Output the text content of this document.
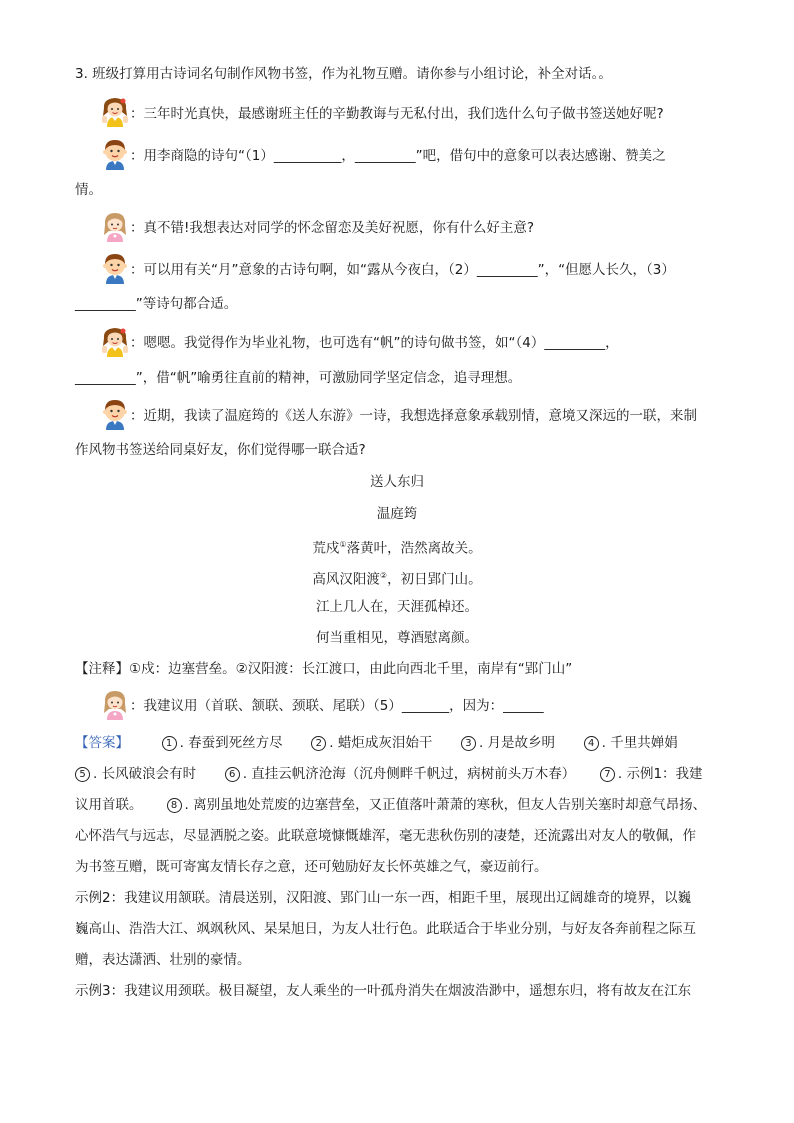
3. 班级打算用古诗词名句制作风物书签，作为礼物互赠。请你参与小组讨论，补全对话。。
：三年时光真快，最感谢班主任的辛勤教诲与无私付出，我们选什么句子做书签送她好呢?
：用李商隐的诗句“（1）__________，_________”吧，借句中的意象可以表达感谢、赞美之
情。
：真不错!我想表达对同学的怀念留恋及美好祝愿，你有什么好主意?
：可以用有关“月”意象的古诗句啊，如“露从今夜白，（2）_________”，“但愿人长久，（3）
_________”等诗句都合适。
：嗯嗯。我觉得作为毕业礼物，也可选有“帆”的诗句做书签，如“（4）_________，
_________”，借“帆”喻勇往直前的精神，可激励同学坚定信念，追寻理想。
：近期，我读了温庭筠的《送人东游》一诗，我想选择意象承载别情，意境又深远的一联，来制
作风物书签送给同桌好友，你们觉得哪一联合适?
送人东归
温庭筠
荒戍①落黄叶，浩然离故关。
高风汉阳渡②，初日郢门山。
江上几人在，天涯孤棹还。
何当重相见，尊酒慰离颜。
【注释】①戍：边塞营垒。②汉阳渡：长江渡口，由此向西北千里，南岸有“郢门山”
：我建议用（首联、颔联、颈联、尾联）（5）_______，因为：______
【答案】	1 . 春蚕到死丝方尽	2 . 蜡炬成灰泪始干	3 . 月是故乡明	4 . 千里共婵娟
5 . 长风破浪会有时	6 . 直挂云帆济沧海（沉舟侧畔千帆过，病树前头万木春）	7 . 示例1：我建
议用首联。	8 . 离别虽地处荒废的边塞营垒，又正值落叶萧萧的寒秋，但友人告别关塞时却意气昂扬、
心怀浩气与远志，尽显洒脱之姿。此联意境慷慨雄浑，毫无悲秋伤别的凄楚，还流露出对友人的敬佩，作
为书签互赠，既可寄寓友情长存之意，还可勉励好友长怀英雄之气，豪迈前行。
示例2：我建议用颔联。清晨送别，汉阳渡、郢门山一东一西，相距千里，展现出辽阔雄奇的境界，以巍
巍高山、浩浩大江、飒飒秋风、杲杲旭日，为友人壮行色。此联适合于毕业分别，与好友各奔前程之际互
赠，表达潇洒、壮别的豪情。
示例3：我建议用颈联。极目凝望，友人乘坐的一叶孤舟消失在烟波浩渺中，遥想东归，将有故友在江东
